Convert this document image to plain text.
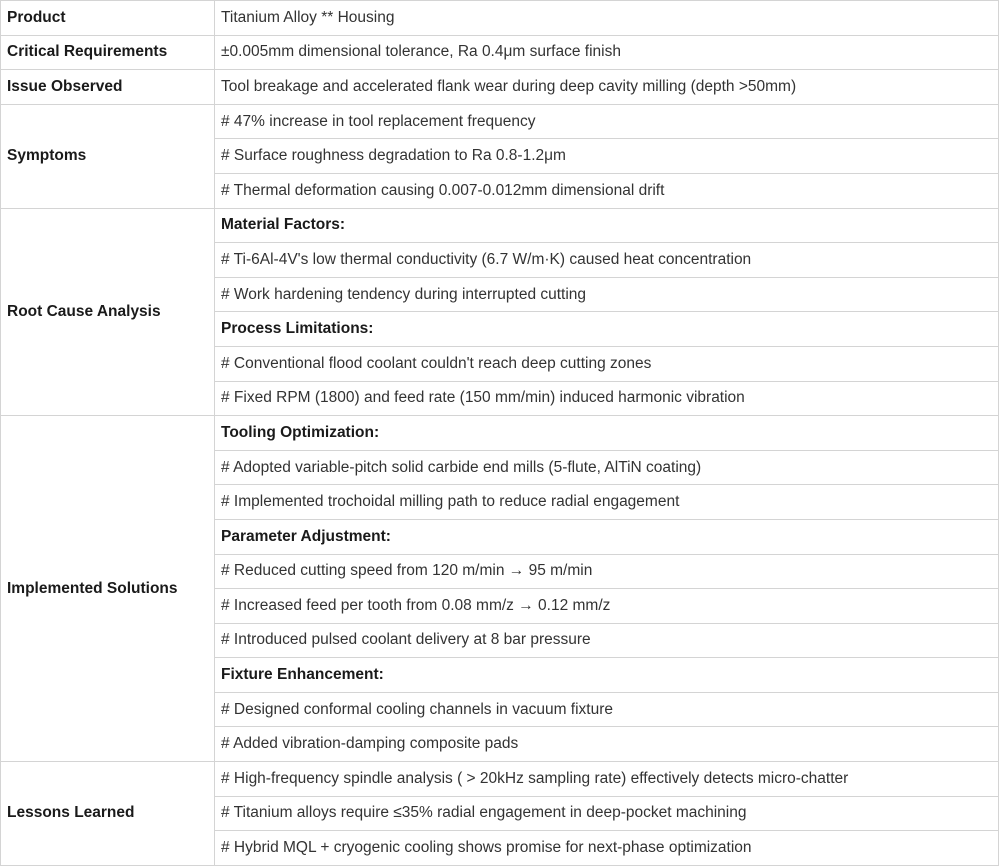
Product	Titanium Alloy ** Housing
Critical Requirements	±0.005mm dimensional tolerance, Ra 0.4μm surface finish
Issue Observed	Tool breakage and accelerated flank wear during deep cavity milling (depth >50mm)
Symptoms	# 47% increase in tool replacement frequency
	# Surface roughness degradation to Ra 0.8-1.2μm
	# Thermal deformation causing 0.007-0.012mm dimensional drift
Root Cause Analysis	Material Factors:
	# Ti-6Al-4V's low thermal conductivity (6.7 W/m·K) caused heat concentration
	# Work hardening tendency during interrupted cutting
	Process Limitations:
	# Conventional flood coolant couldn't reach deep cutting zones
	# Fixed RPM (1800) and feed rate (150 mm/min) induced harmonic vibration
Implemented Solutions	Tooling Optimization:
	# Adopted variable-pitch solid carbide end mills (5-flute, AlTiN coating)
	# Implemented trochoidal milling path to reduce radial engagement
	Parameter Adjustment:
	# Reduced cutting speed from 120 m/min → 95 m/min
	# Increased feed per tooth from 0.08 mm/z → 0.12 mm/z
	# Introduced pulsed coolant delivery at 8 bar pressure
	Fixture Enhancement:
	# Designed conformal cooling channels in vacuum fixture
	# Added vibration-damping composite pads
Lessons Learned	# High-frequency spindle analysis ( > 20kHz sampling rate) effectively detects micro-chatter
	# Titanium alloys require ≤35% radial engagement in deep-pocket machining
	# Hybrid MQL + cryogenic cooling shows promise for next-phase optimization
